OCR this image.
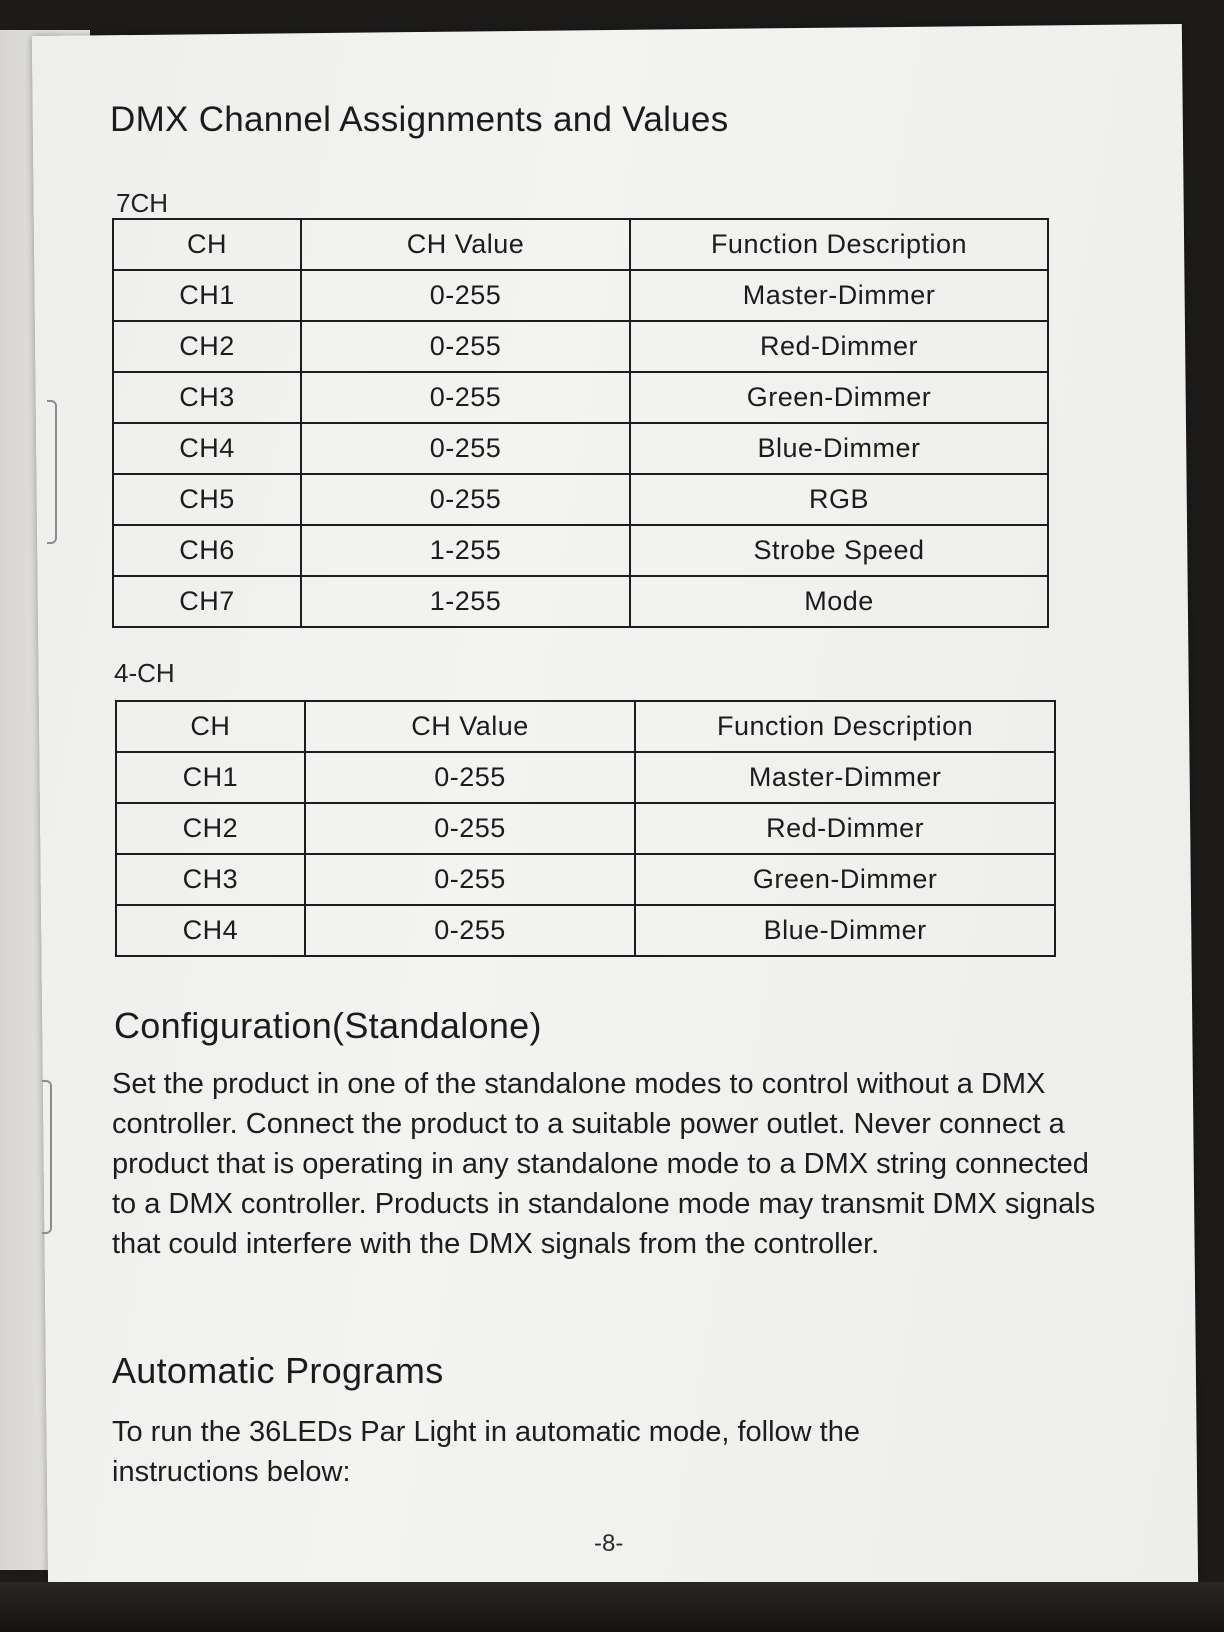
DMX Channel Assignments and Values
7CH
CH	CH Value	Function Description
CH1	0-255	Master-Dimmer
CH2	0-255	Red-Dimmer
CH3	0-255	Green-Dimmer
CH4	0-255	Blue-Dimmer
CH5	0-255	RGB
CH6	1-255	Strobe Speed
CH7	1-255	Mode
4-CH
CH	CH Value	Function Description
CH1	0-255	Master-Dimmer
CH2	0-255	Red-Dimmer
CH3	0-255	Green-Dimmer
CH4	0-255	Blue-Dimmer
Configuration(Standalone)

Set the product in one of the standalone modes to control without a DMX controller. Connect the product to a suitable power outlet. Never connect a product that is operating in any standalone mode to a DMX string connected to a DMX controller. Products in standalone mode may transmit DMX signals that could interfere with the DMX signals from the controller.

Automatic Programs

To run the 36LEDs Par Light in automatic mode, follow the instructions below:

-8-
